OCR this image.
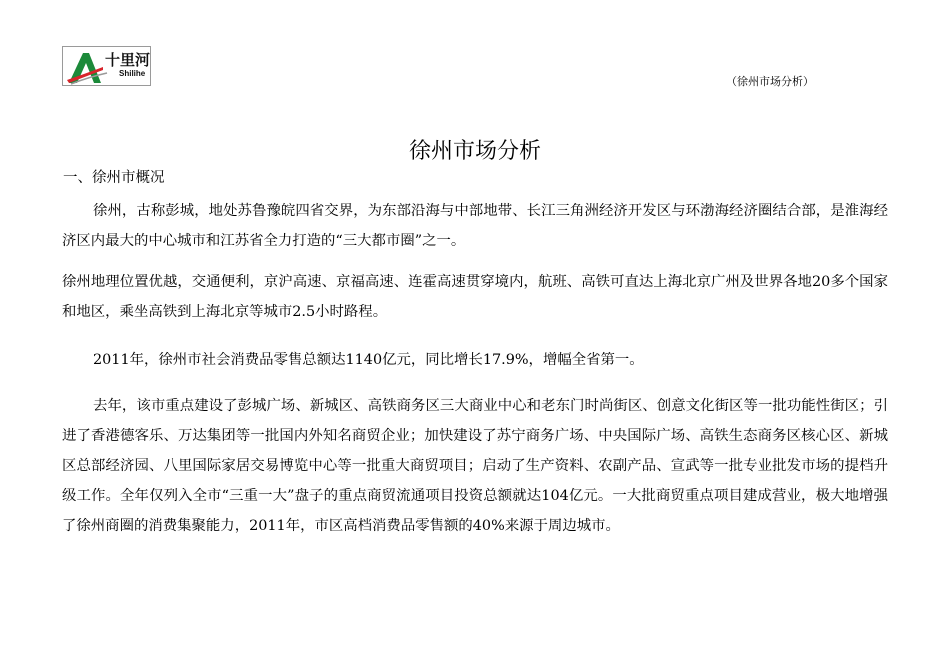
十里河
Shilihe
（徐州市场分析）
徐州市场分析
一、徐州市概况

徐州，古称彭城，地处苏鲁豫皖四省交界，为东部沿海与中部地带、长江三角洲经济开发区与环渤海经济圈结合部，是淮海经济区内最大的中心城市和江苏省全力打造的“三大都市圈”之一。

徐州地理位置优越，交通便利，京沪高速、京福高速、连霍高速贯穿境内，航班、高铁可直达上海北京广州及世界各地20多个国家和地区，乘坐高铁到上海北京等城市2.5小时路程。

2011年，徐州市社会消费品零售总额达1140亿元，同比增长17.9%，增幅全省第一。

去年，该市重点建设了彭城广场、新城区、高铁商务区三大商业中心和老东门时尚街区、创意文化街区等一批功能性街区；引进了香港德客乐、万达集团等一批国内外知名商贸企业；加快建设了苏宁商务广场、中央国际广场、高铁生态商务区核心区、新城区总部经济园、八里国际家居交易博览中心等一批重大商贸项目；启动了生产资料、农副产品、宣武等一批专业批发市场的提档升级工作。全年仅列入全市“三重一大”盘子的重点商贸流通项目投资总额就达104亿元。一大批商贸重点项目建成营业，极大地增强了徐州商圈的消费集聚能力，2011年，市区高档消费品零售额的40%来源于周边城市。
